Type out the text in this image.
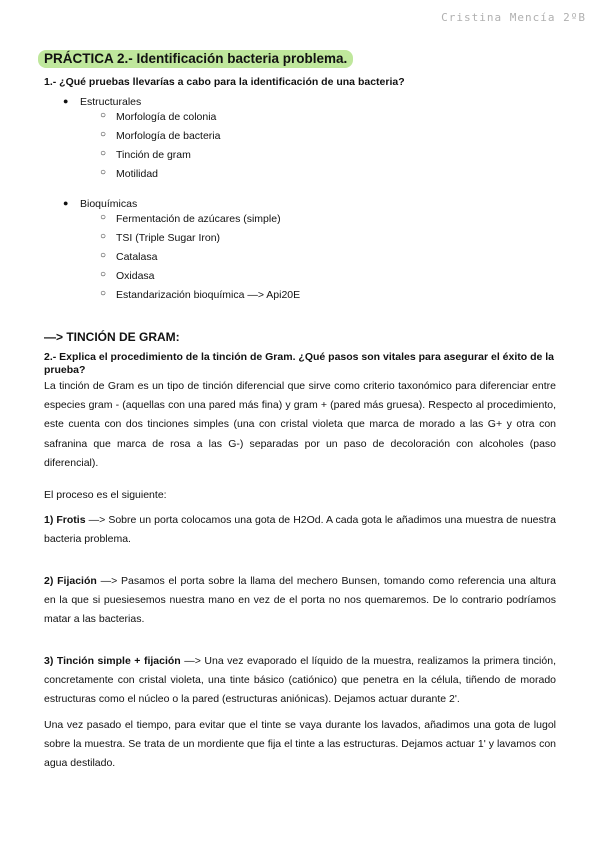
Cristina Mencía 2ºB
PRÁCTICA 2.- Identificación bacteria problema.
1.- ¿Qué pruebas llevarías a cabo para la identificación de una bacteria?
● Estructurales
○ Morfología de colonia
○ Morfología de bacteria
○ Tinción de gram
○ Motilidad
● Bioquímicas
○ Fermentación de azúcares (simple)
○ TSI (Triple Sugar Iron)
○ Catalasa
○ Oxidasa
○ Estandarización bioquímica —> Api20E
—> TINCIÓN DE GRAM:
2.- Explica el procedimiento de la tinción de Gram. ¿Qué pasos son vitales para asegurar el éxito de la prueba?
La tinción de Gram es un tipo de tinción diferencial que sirve como criterio taxonómico para diferenciar entre especies gram - (aquellas con una pared más fina) y gram + (pared más gruesa). Respecto al procedimiento, este cuenta con dos tinciones simples (una con cristal violeta que marca de morado a las G+ y otra con safranina que marca de rosa a las G-) separadas por un paso de decoloración con alcoholes (paso diferencial).
El proceso es el siguiente:
1) Frotis —> Sobre un porta colocamos una gota de H2Od. A cada gota le añadimos una muestra de nuestra bacteria problema.
2) Fijación —> Pasamos el porta sobre la llama del mechero Bunsen, tomando como referencia una altura en la que si puesiesemos nuestra mano en vez de el porta no nos quemaremos. De lo contrario podríamos matar a las bacterias.
3) Tinción simple + fijación —> Una vez evaporado el líquido de la muestra, realizamos la primera tinción, concretamente con cristal violeta, una tinte básico (catiónico) que penetra en la célula, tiñendo de morado estructuras como el núcleo o la pared (estructuras aniónicas). Dejamos actuar durante 2'.
Una vez pasado el tiempo, para evitar que el tinte se vaya durante los lavados, añadimos una gota de lugol sobre la muestra. Se trata de un mordiente que fija el tinte a las estructuras. Dejamos actuar 1' y lavamos con agua destilado.
